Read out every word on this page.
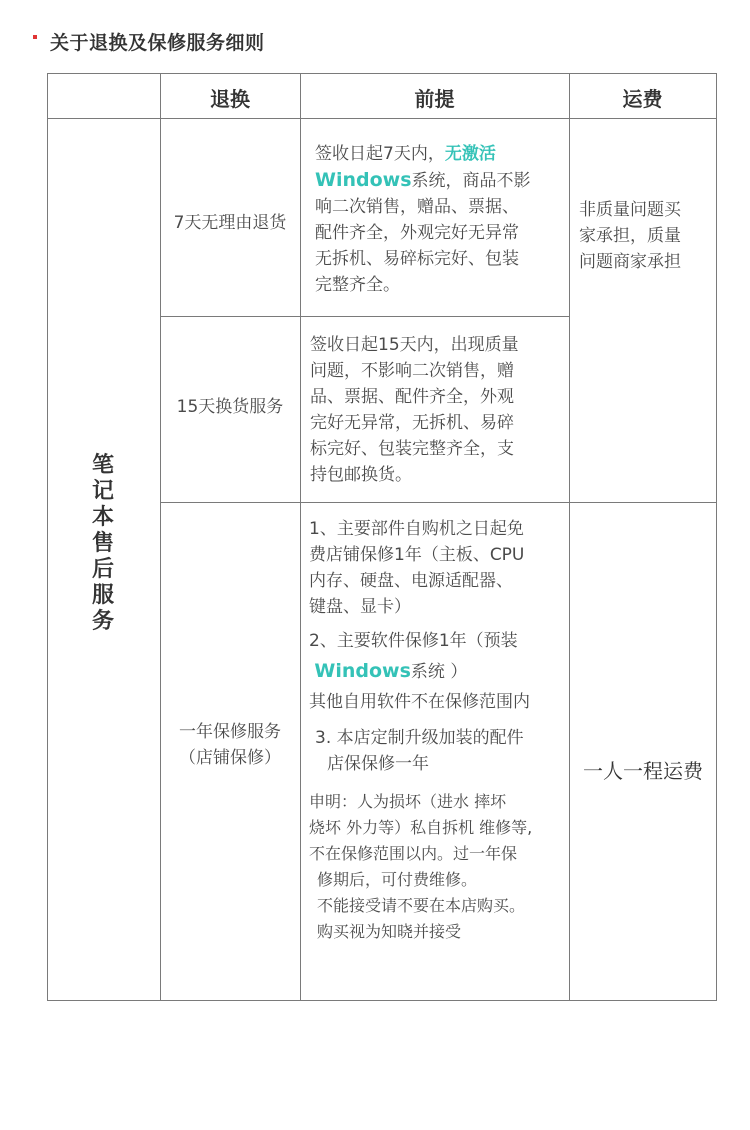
关于退换及保修服务细则
退换	前提	运费
笔记本售后服务
7天无理由退货
签收日起7天内，无激活
Windows系统，商品不影
响二次销售，赠品、票据、
配件齐全，外观完好无异常
无拆机、易碎标完好、包装
完整齐全。
15天换货服务
签收日起15天内，出现质量
问题，不影响二次销售，赠
品、票据、配件齐全，外观
完好无异常，无拆机、易碎
标完好、包装完整齐全，支
持包邮换货。
一年保修服务
（店铺保修）
1、主要部件自购机之日起免
费店铺保修1年（主板、CPU
内存、硬盘、电源适配器、
键盘、显卡）
2、主要软件保修1年（预装
Windows系统 ）
其他自用软件不在保修范围内
3. 本店定制升级加装的配件
店保保修一年
申明：人为损坏（进水 摔坏
烧坏 外力等）私自拆机 维修等,
不在保修范围以内。过一年保
修期后，可付费维修。
不能接受请不要在本店购买。
购买视为知晓并接受
非质量问题买
家承担，质量
问题商家承担
一人一程运费
